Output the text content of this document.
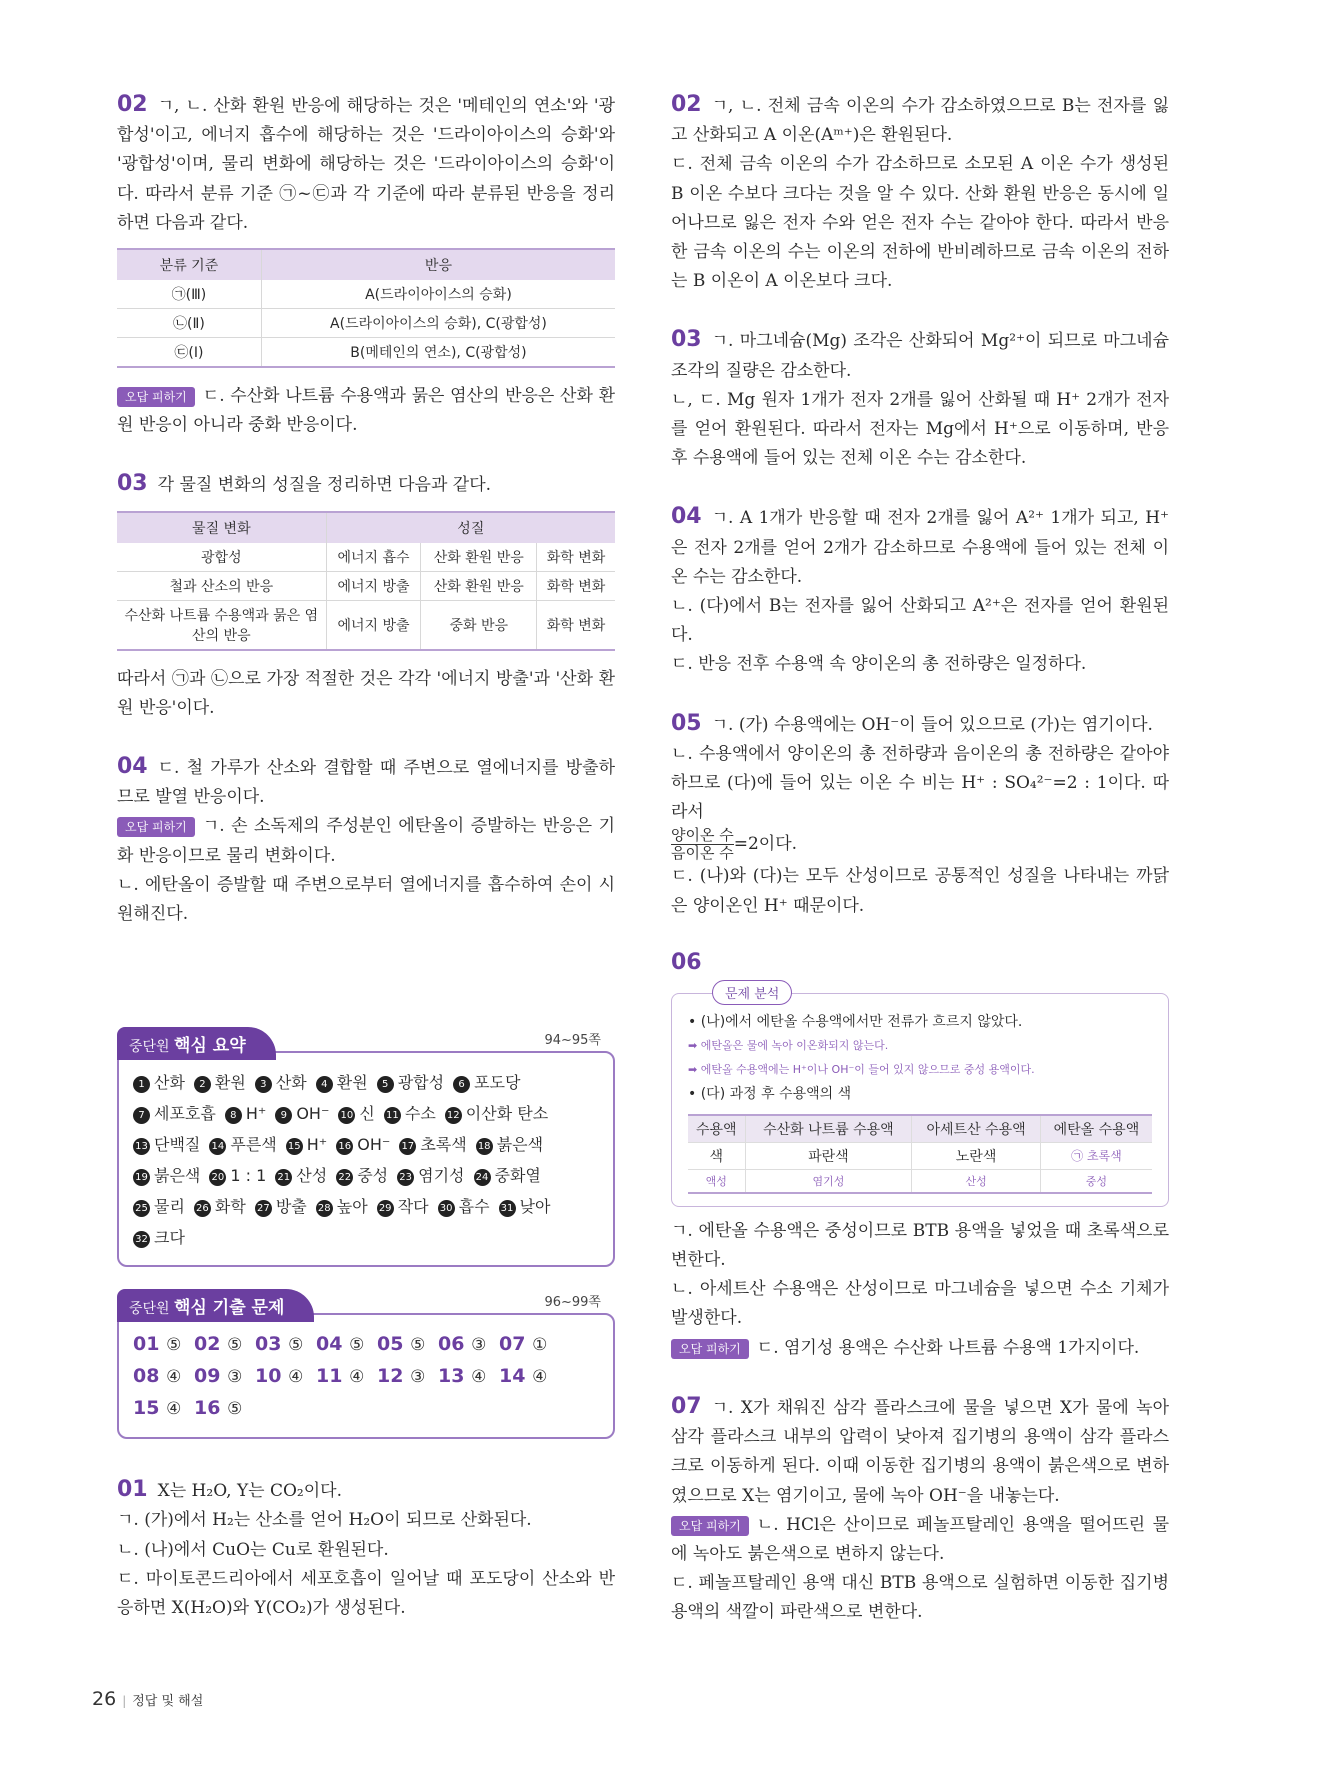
02 ㄱ, ㄴ. 산화 환원 반응에 해당하는 것은 '메테인의 연소'와 '광합성'이고, 에너지 흡수에 해당하는 것은 '드라이아이스의 승화'와 '광합성'이며, 물리 변화에 해당하는 것은 '드라이아이스의 승화'이다. 따라서 분류 기준 ㉠~㉢과 각 기준에 따라 분류된 반응을 정리하면 다음과 같다.

분류 기준	반응
㉠(Ⅲ)	A(드라이아이스의 승화)
㉡(Ⅱ)	A(드라이아이스의 승화), C(광합성)
㉢(Ⅰ)	B(메테인의 연소), C(광합성)

오답 피하기 ㄷ. 수산화 나트륨 수용액과 묽은 염산의 반응은 산화 환원 반응이 아니라 중화 반응이다.

03 각 물질 변화의 성질을 정리하면 다음과 같다.

물질 변화	성질		
광합성	에너지 흡수	산화 환원 반응	화학 변화
철과 산소의 반응	에너지 방출	산화 환원 반응	화학 변화
수산화 나트륨 수용액과 묽은 염산의 반응	에너지 방출	중화 반응	화학 변화

따라서 ㉠과 ㉡으로 가장 적절한 것은 각각 '에너지 방출'과 '산화 환원 반응'이다.

04 ㄷ. 철 가루가 산소와 결합할 때 주변으로 열에너지를 방출하므로 발열 반응이다.

오답 피하기 ㄱ. 손 소독제의 주성분인 에탄올이 증발하는 반응은 기화 반응이므로 물리 변화이다.

ㄴ. 에탄올이 증발할 때 주변으로부터 열에너지를 흡수하여 손이 시원해진다.

중단원 핵심 요약	94~95쪽
1 산화 2 환원 3 산화 4 환원 5 광합성 6 포도당7 세포호흡 8 H⁺ 9 OH⁻ 10 신 11 수소 12 이산화 탄소13 단백질 14 푸른색 15 H⁺ 16 OH⁻ 17 초록색 18 붉은색19 붉은색 20 1 : 1 21 산성 22 중성 23 염기성 24 중화열25 물리 26 화학 27 방출 28 높아 29 작다 30 흡수 31 낮아32 크다
중단원 핵심 기출 문제	96~99쪽
01 ⑤ 02 ⑤ 03 ⑤ 04 ⑤ 05 ⑤ 06 ③ 07 ①08 ④ 09 ③ 10 ④ 11 ④ 12 ③ 13 ④ 14 ④15 ④ 16 ⑤

01 X는 H₂O, Y는 CO₂이다.

ㄱ. (가)에서 H₂는 산소를 얻어 H₂O이 되므로 산화된다.

ㄴ. (나)에서 CuO는 Cu로 환원된다.

ㄷ. 마이토콘드리아에서 세포호흡이 일어날 때 포도당이 산소와 반응하면 X(H₂O)와 Y(CO₂)가 생성된다.

02 ㄱ, ㄴ. 전체 금속 이온의 수가 감소하였으므로 B는 전자를 잃고 산화되고 A 이온(Aᵐ⁺)은 환원된다.

ㄷ. 전체 금속 이온의 수가 감소하므로 소모된 A 이온 수가 생성된 B 이온 수보다 크다는 것을 알 수 있다. 산화 환원 반응은 동시에 일어나므로 잃은 전자 수와 얻은 전자 수는 같아야 한다. 따라서 반응한 금속 이온의 수는 이온의 전하에 반비례하므로 금속 이온의 전하는 B 이온이 A 이온보다 크다.

03 ㄱ. 마그네슘(Mg) 조각은 산화되어 Mg²⁺이 되므로 마그네슘 조각의 질량은 감소한다.

ㄴ, ㄷ. Mg 원자 1개가 전자 2개를 잃어 산화될 때 H⁺ 2개가 전자를 얻어 환원된다. 따라서 전자는 Mg에서 H⁺으로 이동하며, 반응 후 수용액에 들어 있는 전체 이온 수는 감소한다.

04 ㄱ. A 1개가 반응할 때 전자 2개를 잃어 A²⁺ 1개가 되고, H⁺은 전자 2개를 얻어 2개가 감소하므로 수용액에 들어 있는 전체 이온 수는 감소한다.

ㄴ. (다)에서 B는 전자를 잃어 산화되고 A²⁺은 전자를 얻어 환원된다.

ㄷ. 반응 전후 수용액 속 양이온의 총 전하량은 일정하다.

05 ㄱ. (가) 수용액에는 OH⁻이 들어 있으므로 (가)는 염기이다.

ㄴ. 수용액에서 양이온의 총 전하량과 음이온의 총 전하량은 같아야 하므로 (다)에 들어 있는 이온 수 비는 H⁺ : SO₄²⁻=2 : 1이다. 따라서

$\frac{\text{양이온 수}}{\text{음이온 수}} =2$이다.

ㄷ. (나)와 (다)는 모두 산성이므로 공통적인 성질을 나타내는 까닭은 양이온인 H⁺ 때문이다.

06
문제 분석
• (나)에서 에탄올 수용액에서만 전류가 흐르지 않았다.
➡ 에탄올은 물에 녹아 이온화되지 않는다.
➡ 에탄올 수용액에는 H⁺이나 OH⁻이 들어 있지 않으므로 중성 용액이다.
• (다) 과정 후 수용액의 색
수용액	수산화 나트륨 수용액	아세트산 수용액	에탄올 수용액
색	파란색	노란색	㉠ 초록색
액성	염기성	산성	중성

ㄱ. 에탄올 수용액은 중성이므로 BTB 용액을 넣었을 때 초록색으로 변한다.

ㄴ. 아세트산 수용액은 산성이므로 마그네슘을 넣으면 수소 기체가 발생한다.

오답 피하기 ㄷ. 염기성 용액은 수산화 나트륨 수용액 1가지이다.

07 ㄱ. X가 채워진 삼각 플라스크에 물을 넣으면 X가 물에 녹아 삼각 플라스크 내부의 압력이 낮아져 집기병의 용액이 삼각 플라스크로 이동하게 된다. 이때 이동한 집기병의 용액이 붉은색으로 변하였으므로 X는 염기이고, 물에 녹아 OH⁻을 내놓는다.

오답 피하기 ㄴ. HCl은 산이므로 페놀프탈레인 용액을 떨어뜨린 물에 녹아도 붉은색으로 변하지 않는다.

ㄷ. 페놀프탈레인 용액 대신 BTB 용액으로 실험하면 이동한 집기병 용액의 색깔이 파란색으로 변한다.

26 | 정답 및 해설
